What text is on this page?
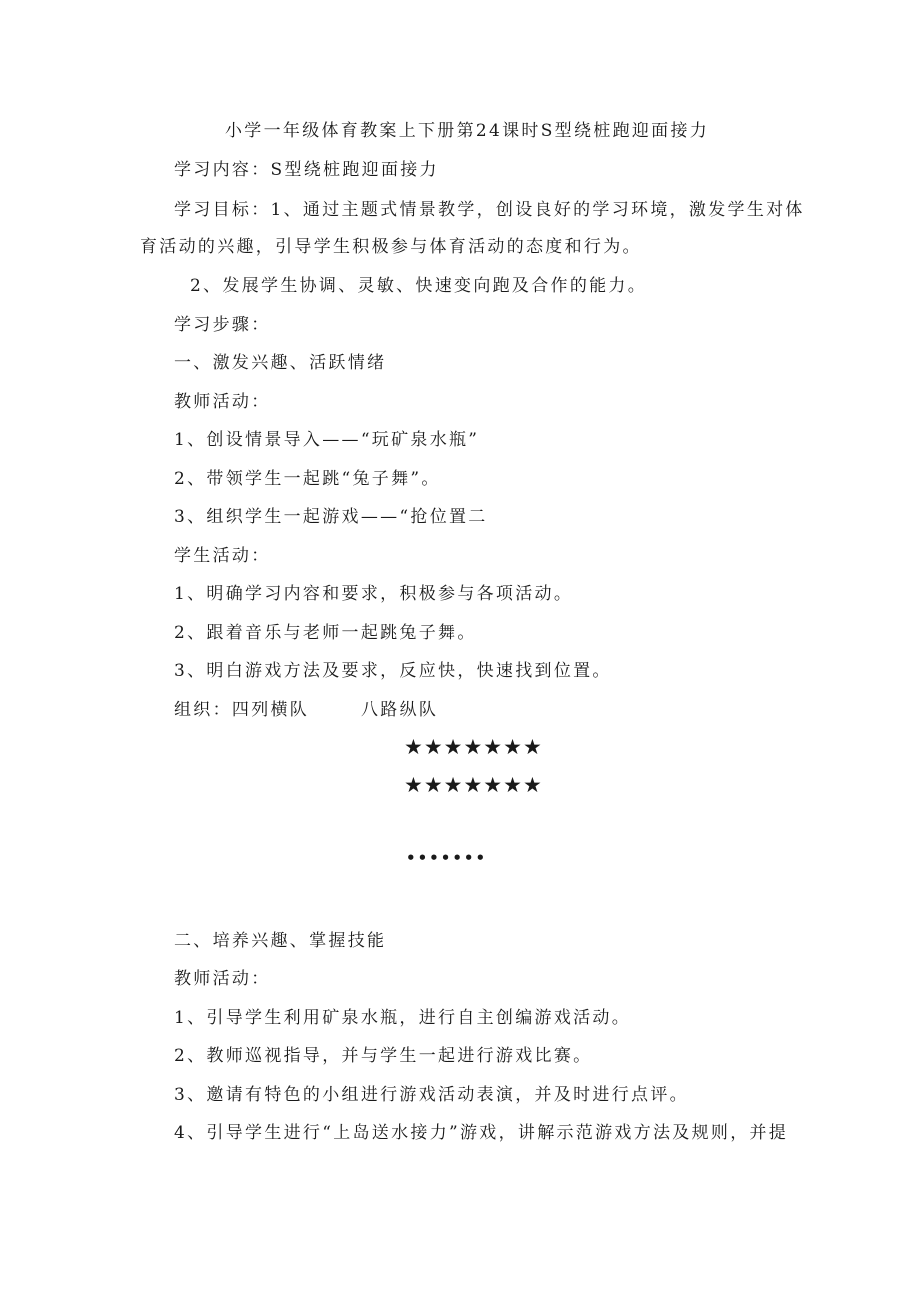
小学一年级体育教案上下册第24课时S型绕桩跑迎面接力
学习内容：S型绕桩跑迎面接力
学习目标：1、通过主题式情景教学，创设良好的学习环境，激发学生对体
育活动的兴趣，引导学生积极参与体育活动的态度和行为。
2、发展学生协调、灵敏、快速变向跑及合作的能力。
学习步骤：
一、激发兴趣、活跃情绪
教师活动：
1、创设情景导入——“玩矿泉水瓶”
2、带领学生一起跳“兔子舞”。
3、组织学生一起游戏——“抢位置二
学生活动：
1、明确学习内容和要求，积极参与各项活动。
2、跟着音乐与老师一起跳兔子舞。
3、明白游戏方法及要求，反应快，快速找到位置。
组织：四列横队	八路纵队
★★★★★★★
★★★★★★★
•••••••
二、培养兴趣、掌握技能
教师活动：
1、引导学生利用矿泉水瓶，进行自主创编游戏活动。
2、教师巡视指导，并与学生一起进行游戏比赛。
3、邀请有特色的小组进行游戏活动表演，并及时进行点评。
4、引导学生进行“上岛送水接力”游戏，讲解示范游戏方法及规则，并提
